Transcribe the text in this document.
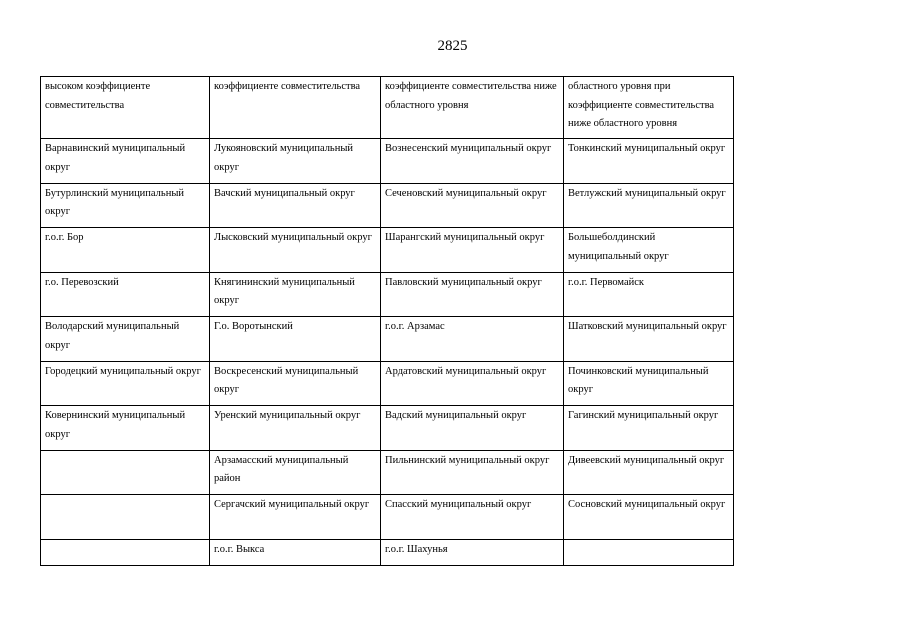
2825
высоком коэффициенте совместительства	коэффициенте совместительства	коэффициенте совместительства ниже областного уровня	областного уровня при коэффициенте совместительства ниже областного уровня
Варнавинский муниципальный округ	Лукояновский муниципальный округ	Вознесенский муниципальный округ	Тонкинский муниципальный округ
Бутурлинский муниципальный округ	Вачский муниципальный округ	Сеченовский муниципальный округ	Ветлужский муниципальный округ
г.о.г. Бор	Лысковский муниципальный округ	Шарангский муниципальный округ	Большеболдинский муниципальный округ
г.о. Перевозский	Княгининский муниципальный округ	Павловский муниципальный округ	г.о.г. Первомайск
Володарский муниципальный округ	Г.о. Воротынский	г.о.г. Арзамас	Шатковский муниципальный округ
Городецкий муниципальный округ	Воскресенский муниципальный округ	Ардатовский муниципальный округ	Починковский муниципальный округ
Ковернинский муниципальный округ	Уренский муниципальный округ	Вадский муниципальный округ	Гагинский муниципальный округ
	Арзамасский муниципальный район	Пильнинский муниципальный округ	Дивеевский муниципальный округ
	Сергачский муниципальный округ	Спасский муниципальный округ	Сосновский муниципальный округ
	г.о.г. Выкса	г.о.г. Шахунья	
